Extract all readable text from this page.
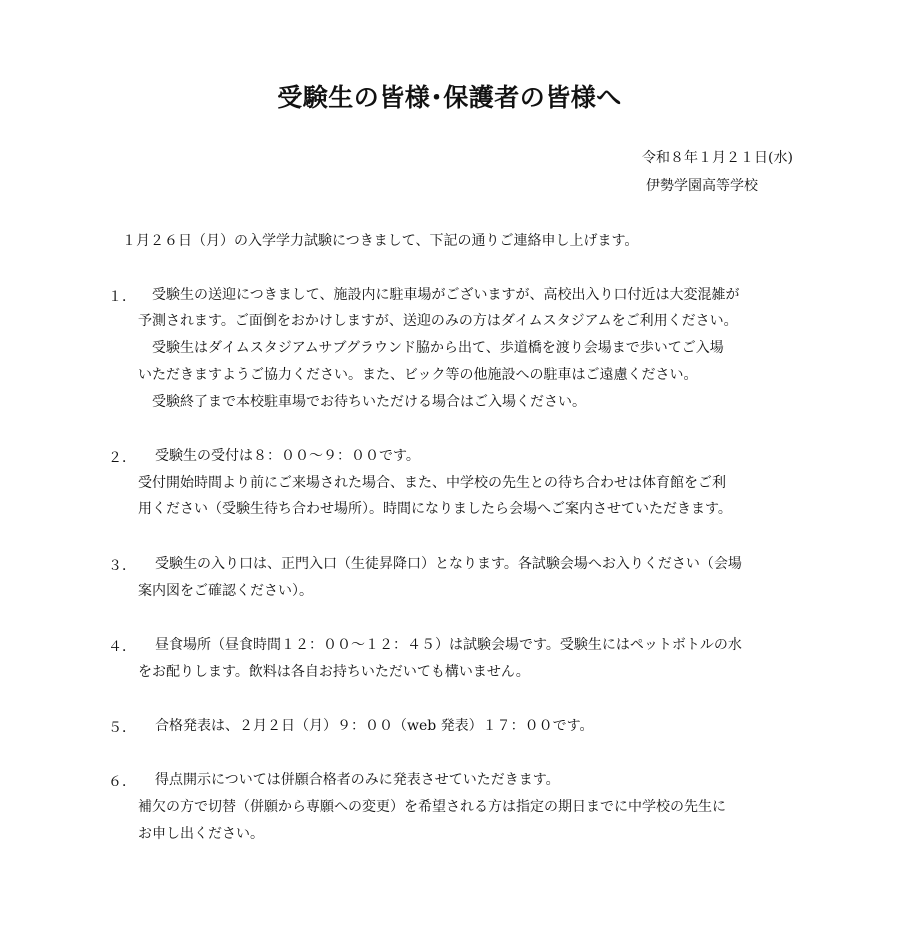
受験生の皆様･保護者の皆様へ
令和８年１月２１日(水)
伊勢学園高等学校
１月２６日（月）の入学学力試験につきまして、下記の通りご連絡申し上げます。
１． 受験生の送迎につきまして、施設内に駐車場がございますが、高校出入り口付近は大変混雑が
予測されます。ご面倒をおかけしますが、送迎のみの方はダイムスタジアムをご利用ください。
受験生はダイムスタジアムサブグラウンド脇から出て、歩道橋を渡り会場まで歩いてご入場
いただきますようご協力ください。また、ビック等の他施設への駐車はご遠慮ください。
受験終了まで本校駐車場でお待ちいただける場合はご入場ください。
２． 受験生の受付は８：００～９：００です。
受付開始時間より前にご来場された場合、また、中学校の先生との待ち合わせは体育館をご利
用ください（受験生待ち合わせ場所）。時間になりましたら会場へご案内させていただきます。
３． 受験生の入り口は、正門入口（生徒昇降口）となります。各試験会場へお入りください（会場
案内図をご確認ください）。
４． 昼食場所（昼食時間１２：００～１２：４５）は試験会場です。受験生にはペットボトルの水
をお配りします。飲料は各自お持ちいただいても構いません。
５． 合格発表は、２月２日（月）９：００（web 発表）１７：００です。
６． 得点開示については併願合格者のみに発表させていただきます。
補欠の方で切替（併願から専願への変更）を希望される方は指定の期日までに中学校の先生に
お申し出ください。
